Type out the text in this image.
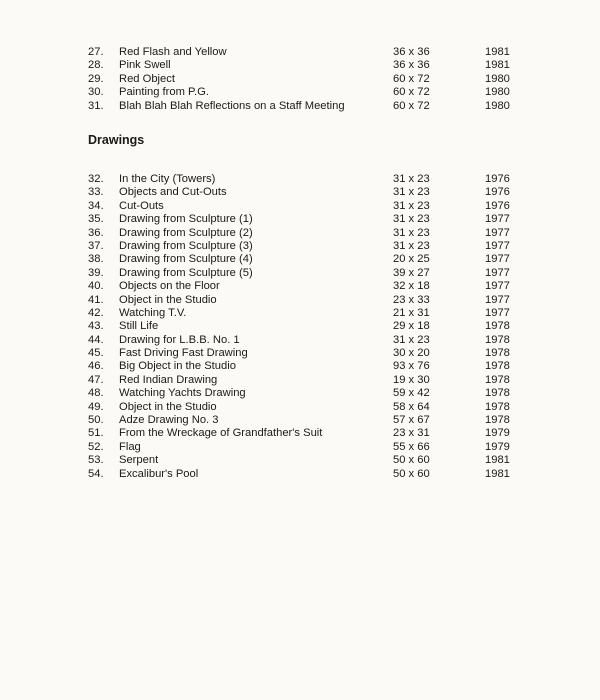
27.	Red Flash and Yellow	36 x 36	1981
28.	Pink Swell	36 x 36	1981
29.	Red Object	60 x 72	1980
30.	Painting from P.G.	60 x 72	1980
31.	Blah Blah Blah Reflections on a Staff Meeting	60 x 72	1980
Drawings
32.	In the City (Towers)	31 x 23	1976
33.	Objects and Cut-Outs	31 x 23	1976
34.	Cut-Outs	31 x 23	1976
35.	Drawing from Sculpture (1)	31 x 23	1977
36.	Drawing from Sculpture (2)	31 x 23	1977
37.	Drawing from Sculpture (3)	31 x 23	1977
38.	Drawing from Sculpture (4)	20 x 25	1977
39.	Drawing from Sculpture (5)	39 x 27	1977
40.	Objects on the Floor	32 x 18	1977
41.	Object in the Studio	23 x 33	1977
42.	Watching T.V.	21 x 31	1977
43.	Still Life	29 x 18	1978
44.	Drawing for L.B.B. No. 1	31 x 23	1978
45.	Fast Driving Fast Drawing	30 x 20	1978
46.	Big Object in the Studio	93 x 76	1978
47.	Red Indian Drawing	19 x 30	1978
48.	Watching Yachts Drawing	59 x 42	1978
49.	Object in the Studio	58 x 64	1978
50.	Adze Drawing No. 3	57 x 67	1978
51.	From the Wreckage of Grandfather's Suit	23 x 31	1979
52.	Flag	55 x 66	1979
53.	Serpent	50 x 60	1981
54.	Excalibur's Pool	50 x 60	1981
